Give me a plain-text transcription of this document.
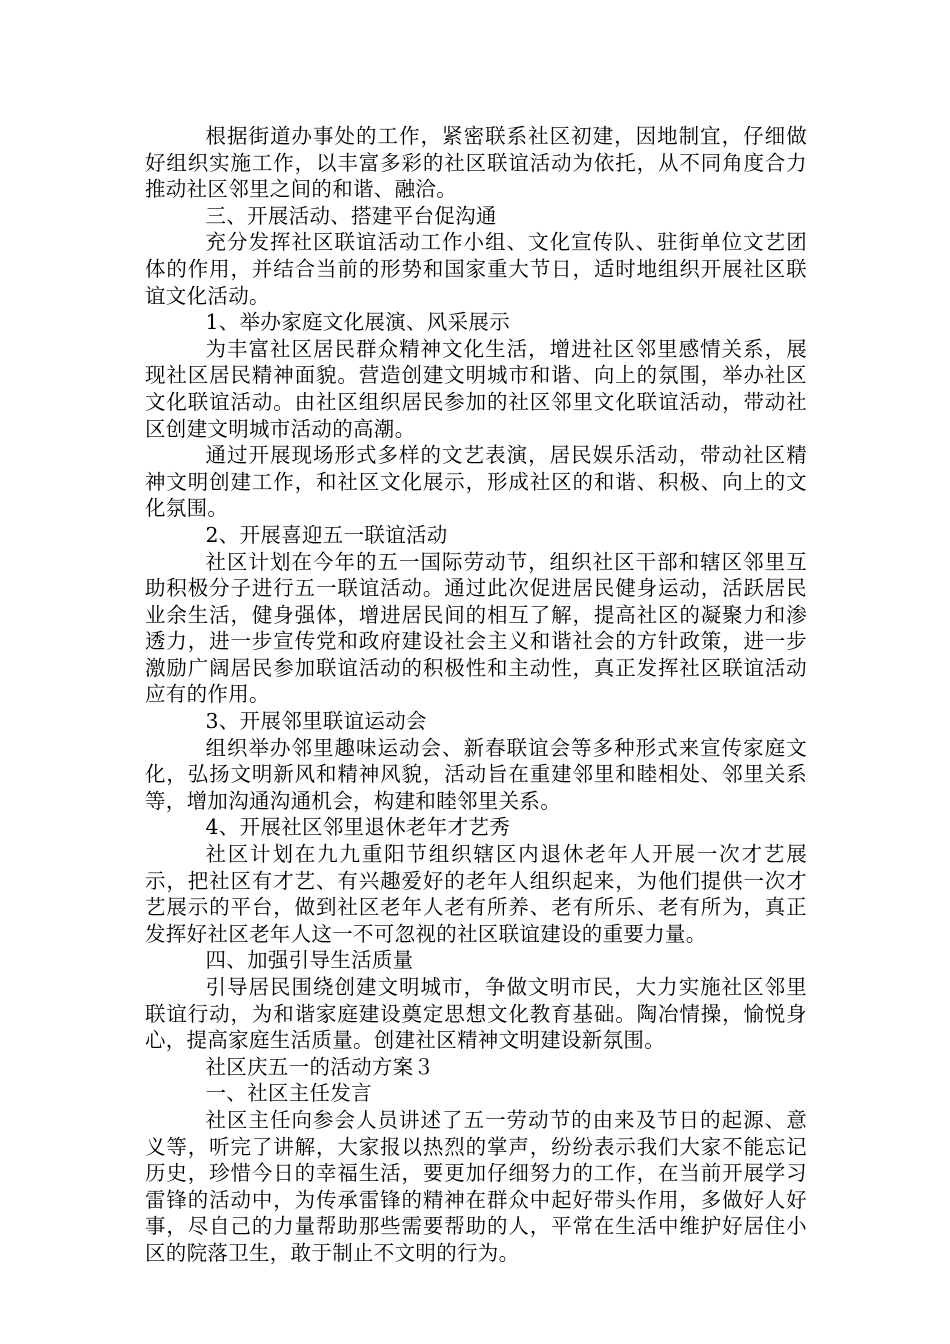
根据街道办事处的工作，紧密联系社区初建，因地制宜，仔细做好组织实施工作，以丰富多彩的社区联谊活动为依托，从不同角度合力推动社区邻里之间的和谐、融洽。

三、开展活动、搭建平台促沟通

充分发挥社区联谊活动工作小组、文化宣传队、驻街单位文艺团体的作用，并结合当前的形势和国家重大节日，适时地组织开展社区联谊文化活动。

1、举办家庭文化展演、风采展示

为丰富社区居民群众精神文化生活，增进社区邻里感情关系，展现社区居民精神面貌。营造创建文明城市和谐、向上的氛围，举办社区文化联谊活动。由社区组织居民参加的社区邻里文化联谊活动，带动社区创建文明城市活动的高潮。

通过开展现场形式多样的文艺表演，居民娱乐活动，带动社区精神文明创建工作，和社区文化展示，形成社区的和谐、积极、向上的文化氛围。

2、开展喜迎五一联谊活动

社区计划在今年的五一国际劳动节，组织社区干部和辖区邻里互助积极分子进行五一联谊活动。通过此次促进居民健身运动，活跃居民业余生活，健身强体，增进居民间的相互了解，提高社区的凝聚力和渗透力，进一步宣传党和政府建设社会主义和谐社会的方针政策，进一步激励广阔居民参加联谊活动的积极性和主动性，真正发挥社区联谊活动应有的作用。

3、开展邻里联谊运动会

组织举办邻里趣味运动会、新春联谊会等多种形式来宣传家庭文化，弘扬文明新风和精神风貌，活动旨在重建邻里和睦相处、邻里关系等，增加沟通沟通机会，构建和睦邻里关系。

4、开展社区邻里退休老年才艺秀

社区计划在九九重阳节组织辖区内退休老年人开展一次才艺展示，把社区有才艺、有兴趣爱好的老年人组织起来，为他们提供一次才艺展示的平台，做到社区老年人老有所养、老有所乐、老有所为，真正发挥好社区老年人这一不可忽视的社区联谊建设的重要力量。

四、加强引导生活质量

引导居民围绕创建文明城市，争做文明市民，大力实施社区邻里联谊行动，为和谐家庭建设奠定思想文化教育基础。陶冶情操，愉悦身心，提高家庭生活质量。创建社区精神文明建设新氛围。

社区庆五一的活动方案３

一、社区主任发言

社区主任向参会人员讲述了五一劳动节的由来及节日的起源、意义等，听完了讲解，大家报以热烈的掌声，纷纷表示我们大家不能忘记历史，珍惜今日的幸福生活，要更加仔细努力的工作，在当前开展学习雷锋的活动中，为传承雷锋的精神在群众中起好带头作用，多做好人好事，尽自己的力量帮助那些需要帮助的人，平常在生活中维护好居住小区的院落卫生，敢于制止不文明的行为。
